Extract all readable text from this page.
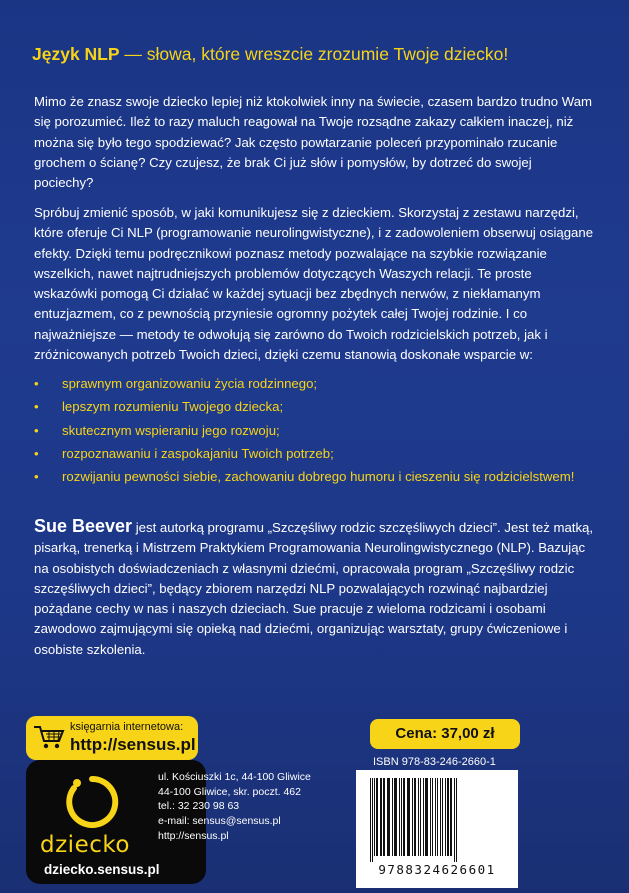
Język NLP — słowa, które wreszcie zrozumie Twoje dziecko!
Mimo że znasz swoje dziecko lepiej niż ktokolwiek inny na świecie, czasem bardzo trudno Wam się porozumieć. Ileż to razy maluch reagował na Twoje rozsądne zakazy całkiem inaczej, niż można się było tego spodziewać? Jak często powtarzanie poleceń przypominało rzucanie grochem o ścianę? Czy czujesz, że brak Ci już słów i pomysłów, by dotrzeć do swojej pociechy?
Spróbuj zmienić sposób, w jaki komunikujesz się z dzieckiem. Skorzystaj z zestawu narzędzi, które oferuje Ci NLP (programowanie neurolingwistyczne), i z zadowoleniem obserwuj osiągane efekty. Dzięki temu podręcznikowi poznasz metody pozwalające na szybkie rozwiązanie wszelkich, nawet najtrudniejszych problemów dotyczących Waszych relacji. Te proste wskazówki pomogą Ci działać w każdej sytuacji bez zbędnych nerwów, z niekłamanym entuzjazmem, co z pewnością przyniesie ogromny pożytek całej Twojej rodzinie. I co najważniejsze — metody te odwołują się zarówno do Twoich rodzicielskich potrzeb, jak i zróżnicowanych potrzeb Twoich dzieci, dzięki czemu stanowią doskonałe wsparcie w:
• sprawnym organizowaniu życia rodzinnego;
• lepszym rozumieniu Twojego dziecka;
• skutecznym wspieraniu jego rozwoju;
• rozpoznawaniu i zaspokajaniu Twoich potrzeb;
• rozwijaniu pewności siebie, zachowaniu dobrego humoru i cieszeniu się rodzicielstwem!
Sue Beever jest autorką programu „Szczęśliwy rodzic szczęśliwych dzieci”. Jest też matką, pisarką, trenerką i Mistrzem Praktykiem Programowania Neurolingwistycznego (NLP). Bazując na osobistych doświadczeniach z własnymi dziećmi, opracowała program „Szczęśliwy rodzic szczęśliwych dzieci”, będący zbiorem narzędzi NLP pozwalających rozwinąć najbardziej pożądane cechy w nas i naszych dzieciach. Sue pracuje z wieloma rodzicami i osobami zawodowo zajmującymi się opieką nad dziećmi, organizując warsztaty, grupy ćwiczeniowe i osobiste szkolenia.
księgarnia internetowa:
http://sensus.pl
dziecko
dziecko.sensus.pl
ul. Kościuszki 1c, 44-100 Gliwice
44-100 Gliwice, skr. poczt. 462
tel.: 32 230 98 63
e-mail: sensus@sensus.pl
http://sensus.pl
Cena: 37,00 zł
ISBN 978-83-246-2660-1
9788324626601
